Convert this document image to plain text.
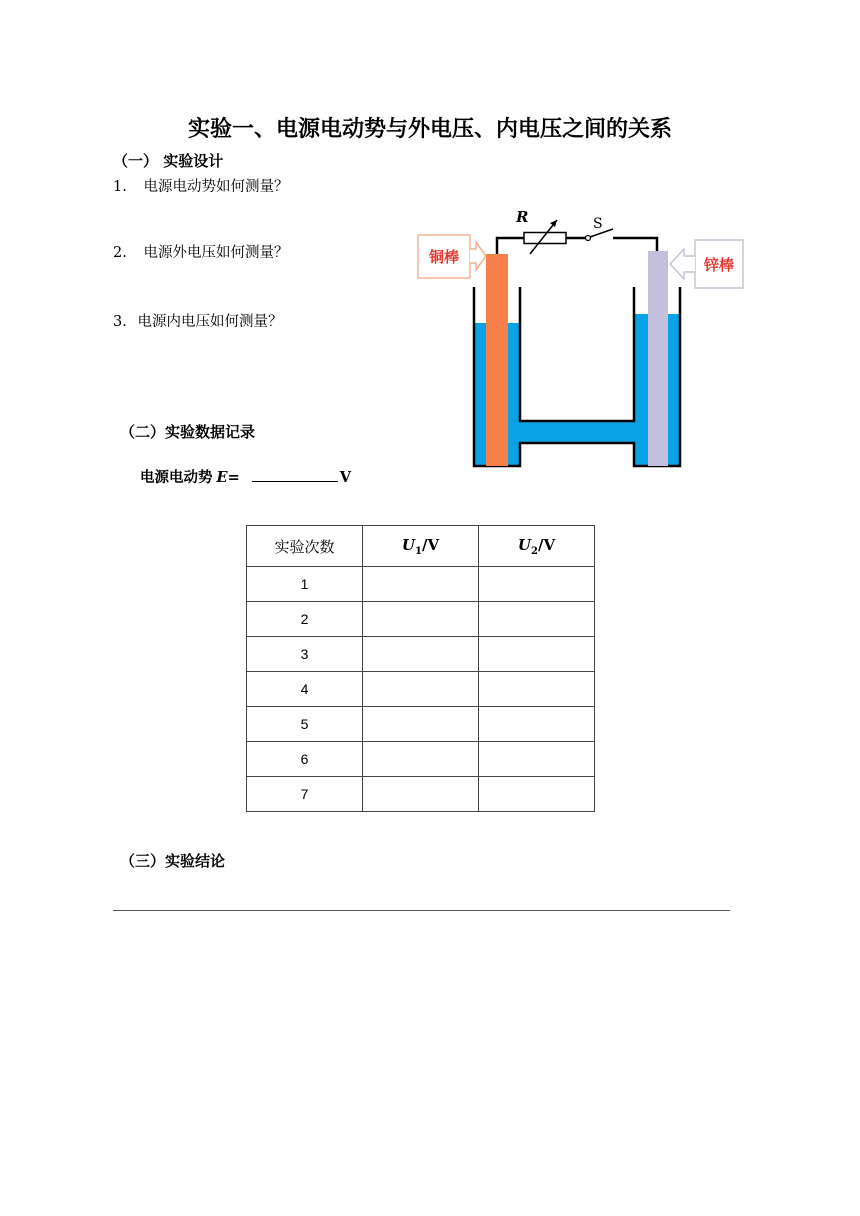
实验一、电源电动势与外电压、内电压之间的关系
（一） 实验设计
1. 电源电动势如何测量？
2. 电源外电压如何测量？
3. 电源内电压如何测量？
R	S
铜棒	锌棒
（二）实验数据记录
电源电动势 E =	V
实验次数	$U_1/V$	$U_2/V$
1		
2		
3		
4		
5		
6		
7		
（三）实验结论
